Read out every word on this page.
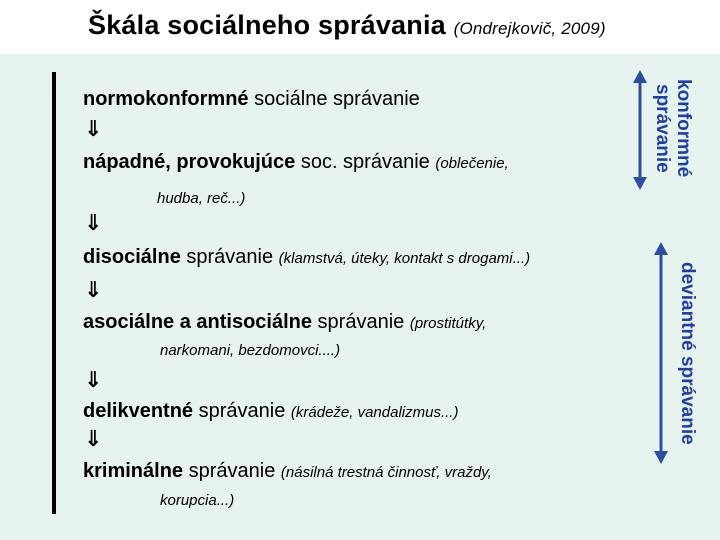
Škála sociálneho správania (Ondrejkovič, 2009)
normokonformné sociálne správanie
⇓
nápadné, provokujúce soc. správanie (oblečenie,
hudba, reč...)
⇓
disociálne správanie (klamstvá, úteky, kontakt s drogami...)
⇓
asociálne a antisociálne správanie (prostitútky,
narkomani, bezdomovci....)
⇓
delikventné správanie (krádeže, vandalizmus...)
⇓
kriminálne správanie (násilná trestná činnosť, vraždy,
korupcia...)
konformné
správanie
deviantné správanie
